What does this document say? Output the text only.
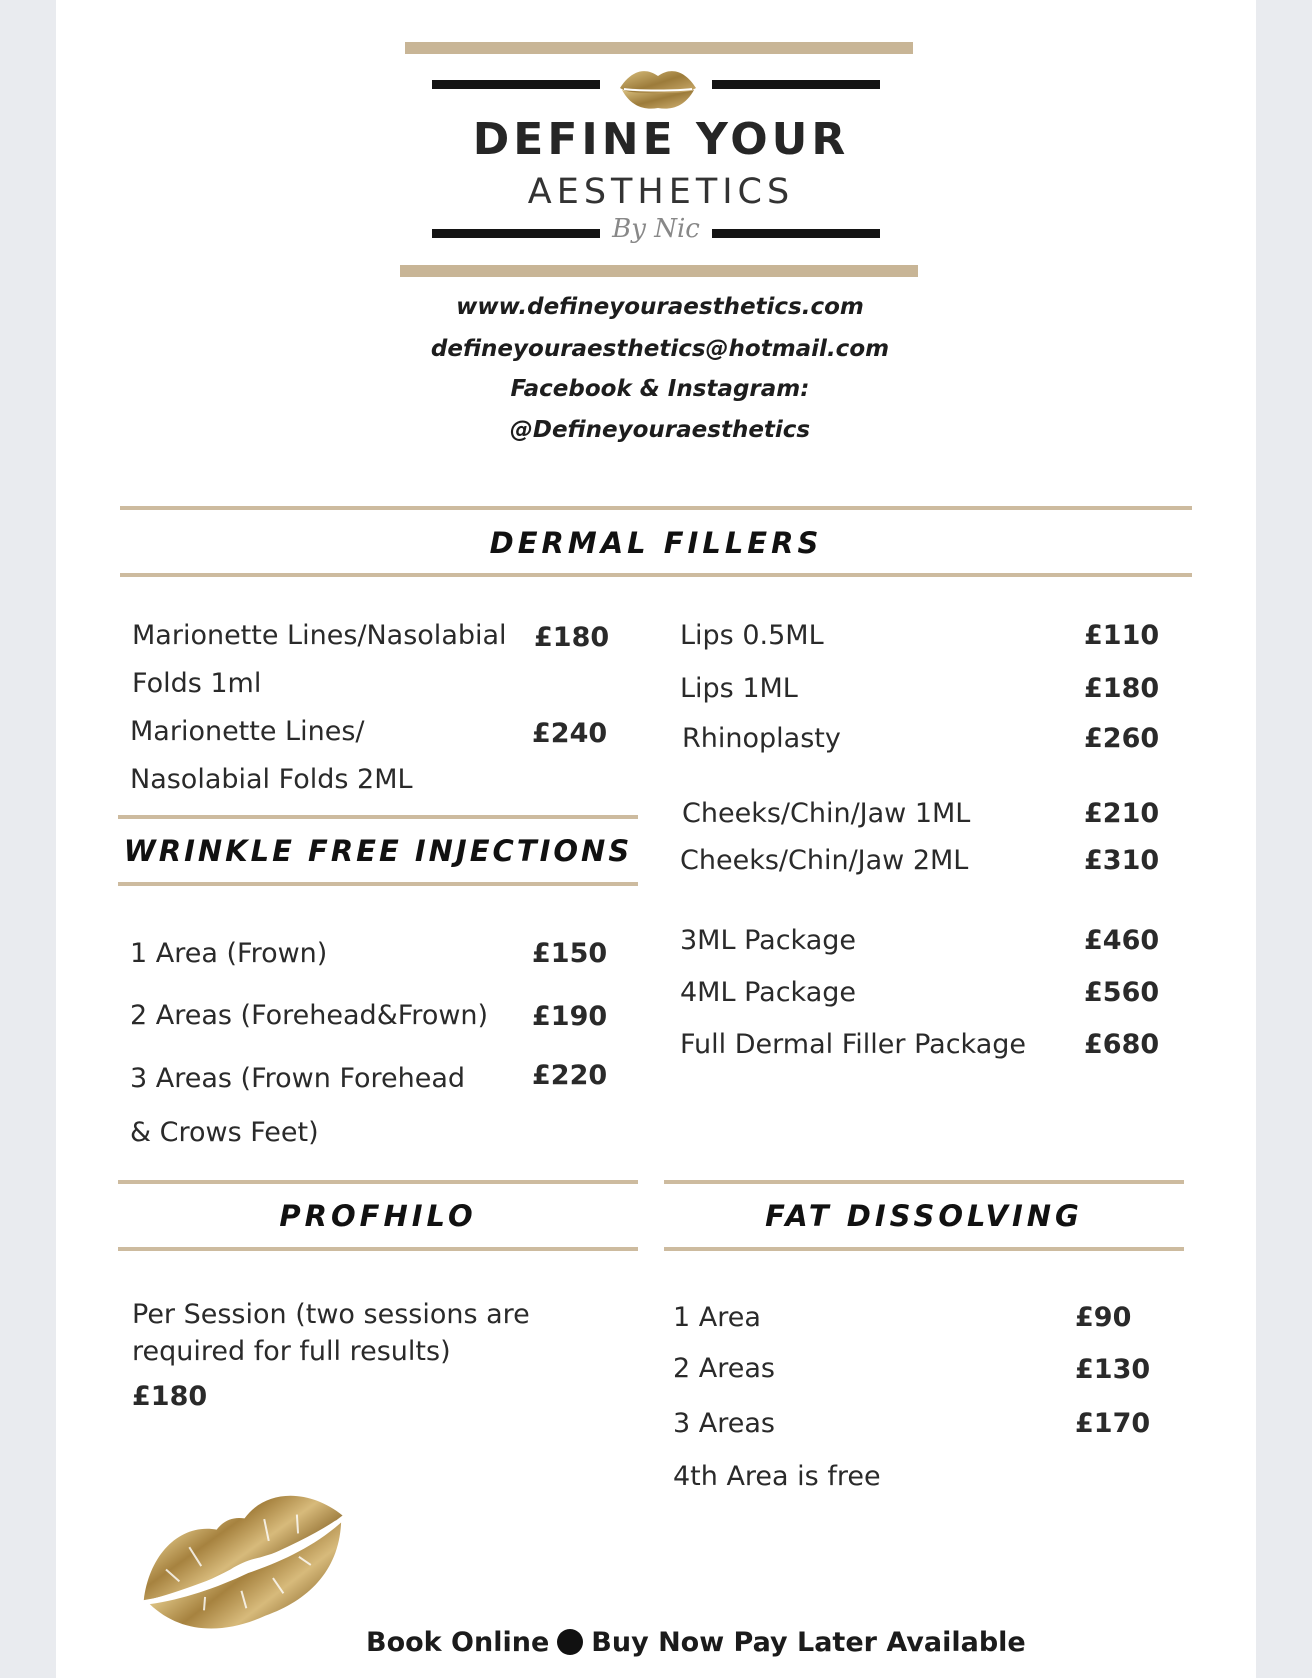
DEFINE YOUR
AESTHETICS
By Nic
www.defineyouraesthetics.com
defineyouraesthetics@hotmail.com
Facebook & Instagram:
@Defineyouraesthetics
DERMAL FILLERS
Marionette Lines/Nasolabial
Folds 1ml
£180
Marionette Lines/
Nasolabial Folds 2ML
£240
WRINKLE FREE INJECTIONS
1 Area (Frown)	£150
2 Areas (Forehead&Frown)	£190
3 Areas (Frown Forehead
& Crows Feet)
£220
Lips 0.5ML	£110
Lips 1ML	£180
Rhinoplasty	£260
Cheeks/Chin/Jaw 1ML	£210
Cheeks/Chin/Jaw 2ML	£310
3ML Package	£460
4ML Package	£560
Full Dermal Filler Package	£680
PROFHILO
Per Session (two sessions are
required for full results)
£180
FAT DISSOLVING
1 Area	£90
2 Areas	£130
3 Areas	£170
4th Area is free
Book Online Buy Now Pay Later Available
